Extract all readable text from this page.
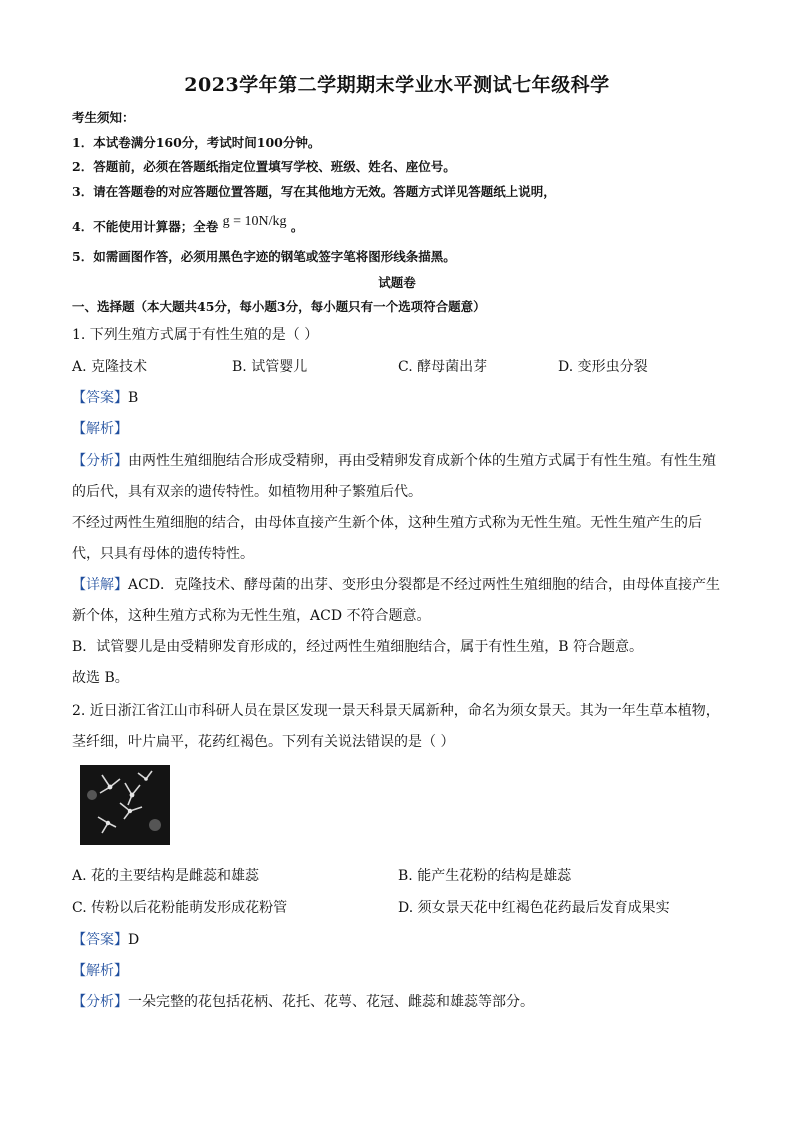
2023学年第二学期期末学业水平测试七年级科学
考生须知：
1．本试卷满分160分，考试时间100分钟。
2．答题前，必须在答题纸指定位置填写学校、班级、姓名、座位号。
3．请在答题卷的对应答题位置答题，写在其他地方无效。答题方式详见答题纸上说明，
4．不能使用计算器；全卷 g = 10N/kg 。
5．如需画图作答，必须用黑色字迹的钢笔或签字笔将图形线条描黑。
试题卷
一、选择题（本大题共45分，每小题3分，每小题只有一个选项符合题意）
1. 下列生殖方式属于有性生殖的是（ ）
A. 克隆技术	B. 试管婴儿	C. 酵母菌出芽	D. 变形虫分裂
【答案】B
【解析】
【分析】由两性生殖细胞结合形成受精卵，再由受精卵发育成新个体的生殖方式属于有性生殖。有性生殖
的后代，具有双亲的遗传特性。如植物用种子繁殖后代。
不经过两性生殖细胞的结合，由母体直接产生新个体，这种生殖方式称为无性生殖。无性生殖产生的后
代，只具有母体的遗传特性。
【详解】ACD．克隆技术、酵母菌的出芽、变形虫分裂都是不经过两性生殖细胞的结合，由母体直接产生
新个体，这种生殖方式称为无性生殖，ACD 不符合题意。
B．试管婴儿是由受精卵发育形成的，经过两性生殖细胞结合，属于有性生殖，B 符合题意。
故选 B。
2. 近日浙江省江山市科研人员在景区发现一景天科景天属新种，命名为须女景天。其为一年生草本植物，
茎纤细，叶片扁平，花药红褐色。下列有关说法错误的是（ ）
A. 花的主要结构是雌蕊和雄蕊	B. 能产生花粉的结构是雄蕊
C. 传粉以后花粉能萌发形成花粉管	D. 须女景天花中红褐色花药最后发育成果实
【答案】D
【解析】
【分析】一朵完整的花包括花柄、花托、花萼、花冠、雌蕊和雄蕊等部分。
